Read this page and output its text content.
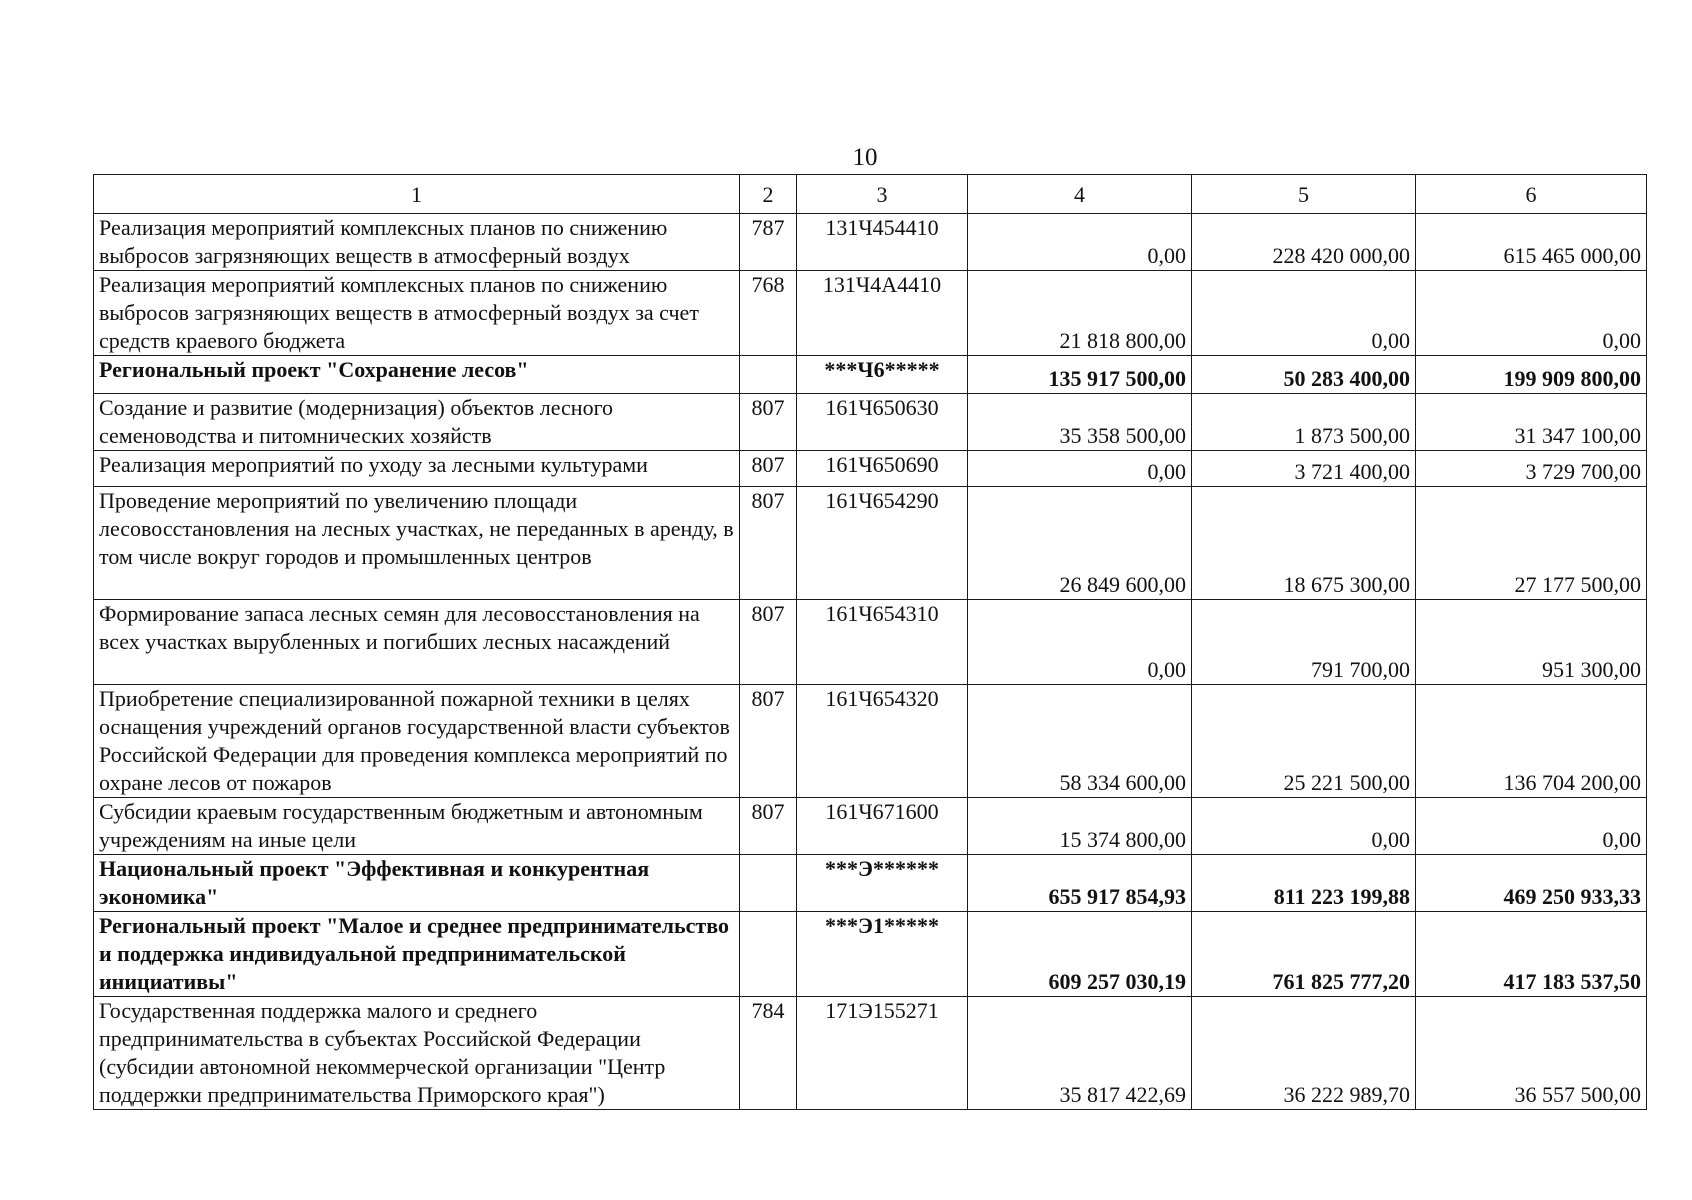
10
1	2	3	4	5	6
Реализация мероприятий комплексных планов по снижению выбросов загрязняющих веществ в атмосферный воздух	787	131Ч454410	0,00	228 420 000,00	615 465 000,00
Реализация мероприятий комплексных планов по снижению выбросов загрязняющих веществ в атмосферный воздух за счет средств краевого бюджета	768	131Ч4А4410	21 818 800,00	0,00	0,00
Региональный проект "Сохранение лесов"		***Ч6*****	135 917 500,00	50 283 400,00	199 909 800,00
Создание и развитие (модернизация) объектов лесного семеноводства и питомнических хозяйств	807	161Ч650630	35 358 500,00	1 873 500,00	31 347 100,00
Реализация мероприятий по уходу за лесными культурами	807	161Ч650690	0,00	3 721 400,00	3 729 700,00
Проведение мероприятий по увеличению площади лесовосстановления на лесных участках, не переданных в аренду, в том числе вокруг городов и промышленных центров	807	161Ч654290	26 849 600,00	18 675 300,00	27 177 500,00
Формирование запаса лесных семян для лесовосстановления на всех участках вырубленных и погибших лесных насаждений	807	161Ч654310	0,00	791 700,00	951 300,00
Приобретение специализированной пожарной техники в целях оснащения учреждений органов государственной власти субъектов Российской Федерации для проведения комплекса мероприятий по охране лесов от пожаров	807	161Ч654320	58 334 600,00	25 221 500,00	136 704 200,00
Субсидии краевым государственным бюджетным и автономным учреждениям на иные цели	807	161Ч671600	15 374 800,00	0,00	0,00
Национальный проект "Эффективная и конкурентная экономика"		***Э******	655 917 854,93	811 223 199,88	469 250 933,33
Региональный проект "Малое и среднее предпринимательство и поддержка индивидуальной предпринимательской инициативы"		***Э1*****	609 257 030,19	761 825 777,20	417 183 537,50
Государственная поддержка малого и среднего предпринимательства в субъектах Российской Федерации (субсидии автономной некоммерческой организации "Центр поддержки предпринимательства Приморского края")	784	171Э155271	35 817 422,69	36 222 989,70	36 557 500,00
